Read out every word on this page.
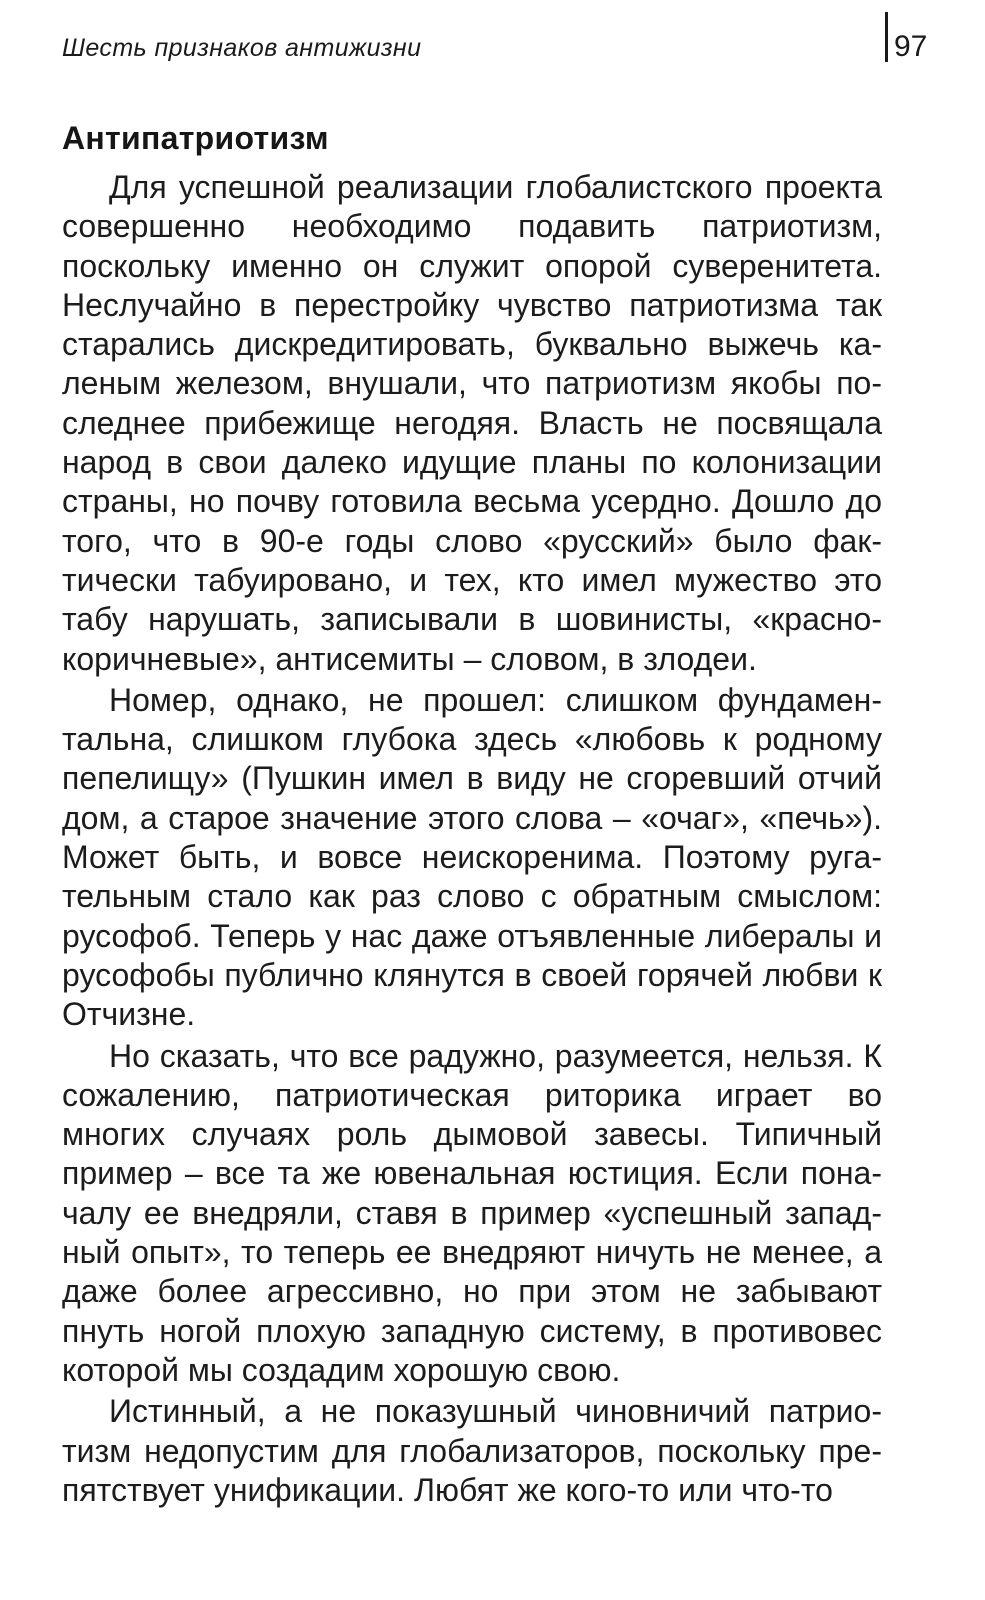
Шесть признаков антижизни	97
Антипатриотизм

Для успешной реализации глобалистского проекта совершенно необходимо подавить патриотизм, поскольку именно он служит опорой суверенитета. Неслучайно в перестройку чувство патриотизма так старались дискредитировать, буквально выжечь каленым железом, внушали, что патриотизм якобы последнее прибежище негодяя. Власть не посвящала народ в свои далеко идущие планы по колонизации страны, но почву готовила весьма усердно. Дошло до того, что в 90-е годы слово «русский» было фактически табуировано, и тех, кто имел мужество это табу нарушать, записывали в шовинисты, «краснокоричневые», антисемиты – словом, в злодеи.

Номер, однако, не прошел: слишком фундаментальна, слишком глубока здесь «любовь к родному пепелищу» (Пушкин имел в виду не сгоревший отчий дом, а старое значение этого слова – «очаг», «печь»). Может быть, и вовсе неискоренима. Поэтому ругательным стало как раз слово с обратным смыслом: русофоб. Теперь у нас даже отъявленные либералы и русофобы публично клянутся в своей горячей любви к Отчизне.

Но сказать, что все радужно, разумеется, нельзя. К сожалению, патриотическая риторика играет во многих случаях роль дымовой завесы. Типичный пример – все та же ювенальная юстиция. Если поначалу ее внедряли, ставя в пример «успешный западный опыт», то теперь ее внедряют ничуть не менее, а даже более агрессивно, но при этом не забывают пнуть ногой плохую западную систему, в противовес которой мы создадим хорошую свою.

Истинный, а не показушный чиновничий патриотизм недопустим для глобализаторов, поскольку препятствует унификации. Любят же кого-то или что-то
